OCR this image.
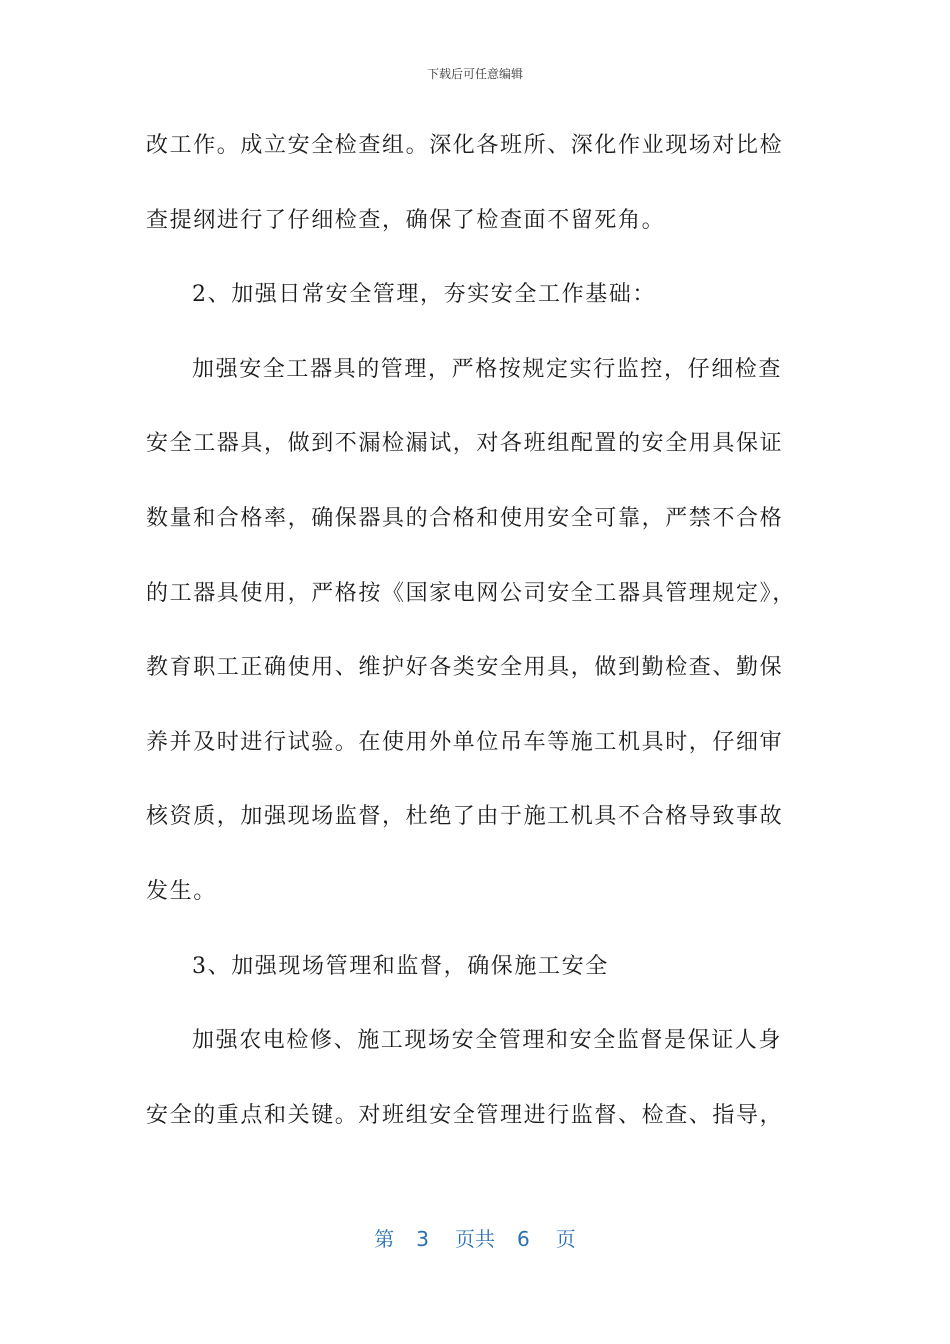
下载后可任意编辑
改工作。成立安全检查组。深化各班所、深化作业现场对比检
查提纲进行了仔细检查，确保了检查面不留死角。
2、加强日常安全管理，夯实安全工作基础：
加强安全工器具的管理，严格按规定实行监控，仔细检查
安全工器具，做到不漏检漏试，对各班组配置的安全用具保证
数量和合格率，确保器具的合格和使用安全可靠，严禁不合格
的工器具使用，严格按《国家电网公司安全工器具管理规定》，
教育职工正确使用、维护好各类安全用具，做到勤检查、勤保
养并及时进行试验。在使用外单位吊车等施工机具时，仔细审
核资质，加强现场监督，杜绝了由于施工机具不合格导致事故
发生。
3、加强现场管理和监督，确保施工安全
加强农电检修、施工现场安全管理和安全监督是保证人身
安全的重点和关键。对班组安全管理进行监督、检查、指导，
第 3 页共 6 页
